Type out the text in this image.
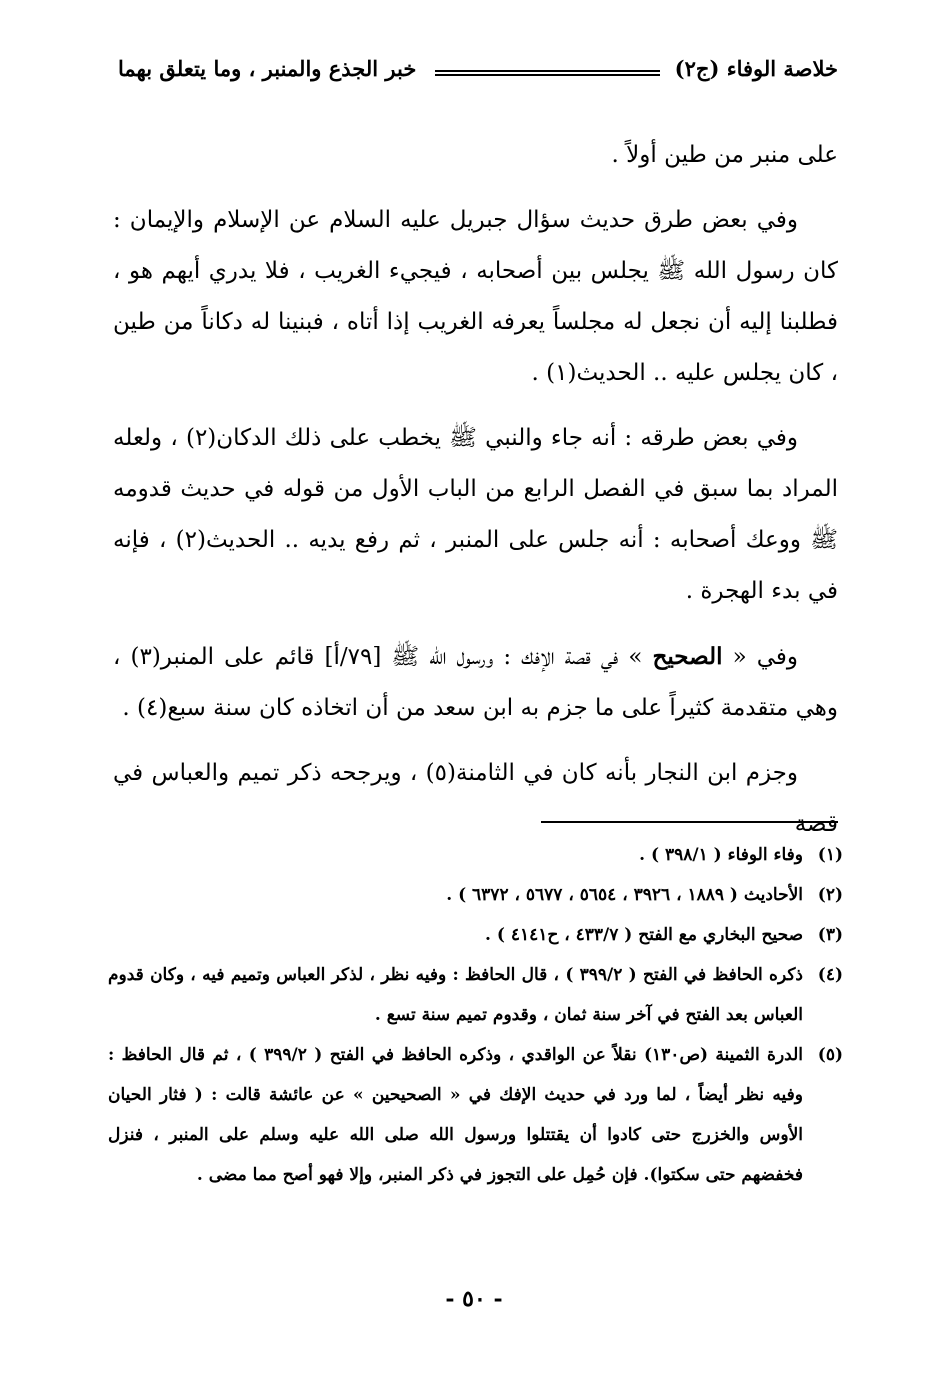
خلاصة الوفاء (ج٢)
خبر الجذع والمنبر ، وما يتعلق بهما

على منبر من طين أولاً .

وفي بعض طرق حديث سؤال جبريل عليه السلام عن الإسلام والإيمان : كان رسول الله ﷺ يجلس بين أصحابه ، فيجيء الغريب ، فلا يدري أيهم هو ، فطلبنا إليه أن نجعل له مجلساً يعرفه الغريب إذا أتاه ، فبنينا له دكاناً من طين ، كان يجلس عليه .. الحديث(١) .

وفي بعض طرقه : أنه جاء والنبي ﷺ يخطب على ذلك الدكان(٢) ، ولعله المراد بما سبق في الفصل الرابع من الباب الأول من قوله في حديث قدومه ﷺ ووعك أصحابه : أنه جلس على المنبر ، ثم رفع يديه .. الحديث(٢) ، فإنه في بدء الهجرة .

وفي « الصحيح » في قصة الإفك : ورسول الله ﷺ [٧٩/أ] قائم على المنبر(٣) ، وهي متقدمة كثيراً على ما جزم به ابن سعد من أن اتخاذه كان سنة سبع(٤) .

وجزم ابن النجار بأنه كان في الثامنة(٥) ، ويرجحه ذكر تميم والعباس في قصة

(١)
وفاء الوفاء ( ٣٩٨/١ ) .
(٢)
الأحاديث ( ١٨٨٩ ، ٣٩٢٦ ، ٥٦٥٤ ، ٥٦٧٧ ، ٦٣٧٢ ) .
(٣)
صحيح البخاري مع الفتح ( ٤٣٣/٧ ، ح٤١٤١ ) .
(٤)
ذكره الحافظ في الفتح ( ٣٩٩/٢ ) ، قال الحافظ : وفيه نظر ، لذكر العباس وتميم فيه ، وكان قدوم العباس بعد الفتح في آخر سنة ثمان ، وقدوم تميم سنة تسع .
(٥)
الدرة الثمينة (ص١٣٠) نقلاً عن الواقدي ، وذكره الحافظ في الفتح ( ٣٩٩/٢ ) ، ثم قال الحافظ : وفيه نظر أيضاً ، لما ورد في حديث الإفك في « الصحيحين » عن عائشة قالت : ( فثار الحيان الأوس والخزرج حتى كادوا أن يقتتلوا ورسول الله صلى الله عليه وسلم على المنبر ، فنزل فخفضهم حتى سكتوا). فإن حُمِل على التجوز في ذكر المنبر، وإلا فهو أصح مما مضى .
- ٥٠ -
